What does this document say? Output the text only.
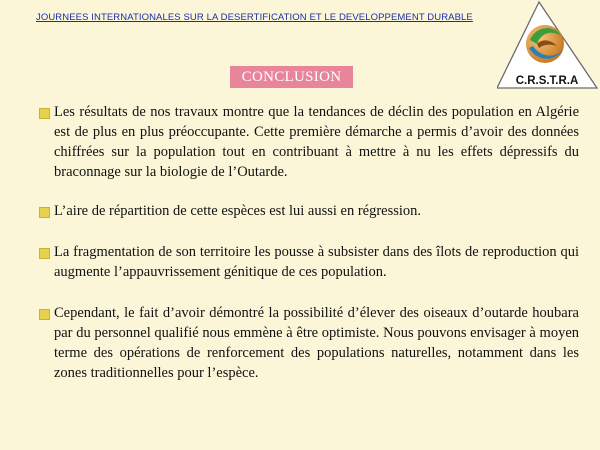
JOURNEES INTERNATIONALES SUR LA DESERTIFICATION ET LE DEVELOPPEMENT DURABLE
C.R.S.T.R.A
CONCLUSION

Les résultats de nos travaux montre que la tendances de déclin des population en Algérie est de plus en plus préoccupante. Cette première démarche a permis d’avoir des données chiffrées sur la population tout en contribuant à mettre à nu les effets dépressifs du braconnage sur la biologie de l’Outarde.

L’aire de répartition de cette espèces est lui aussi en régression.

La fragmentation de son territoire les pousse à subsister dans des îlots de reproduction qui augmente l’appauvrissement génitique de ces population.

Cependant, le fait d’avoir démontré la possibilité d’élever des oiseaux d’outarde houbara par du personnel qualifié nous emmène à être optimiste. Nous pouvons envisager à moyen terme des opérations de renforcement des populations naturelles, notamment dans les zones traditionnelles pour l’espèce.
